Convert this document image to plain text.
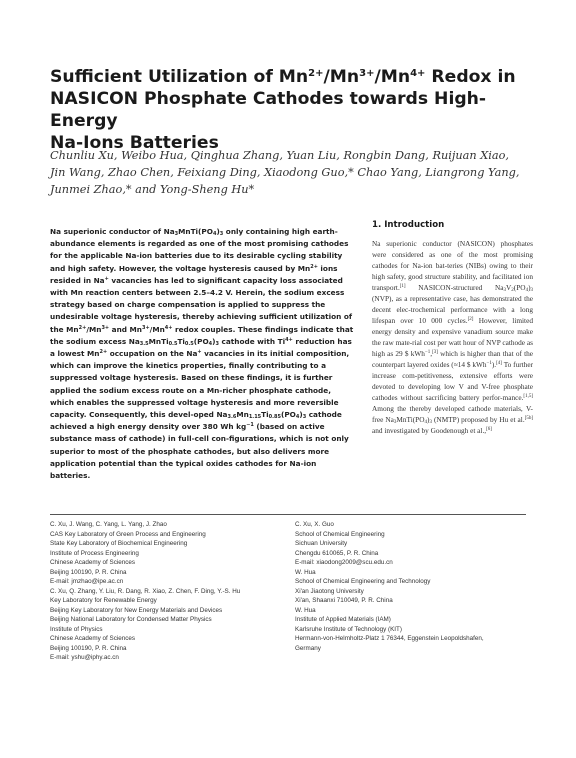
Sufficient Utilization of $Mn^{2+}/Mn^{3+}/Mn^{4+}$ Redox in
NASICON Phosphate Cathodes towards High-Energy
Na-Ions Batteries
Chunliu Xu, Weibo Hua, Qinghua Zhang, Yuan Liu, Rongbin Dang, Ruijuan Xiao,
Jin Wang, Zhao Chen, Feixiang Ding, Xiaodong Guo,* Chao Yang, Liangrong Yang,
Junmei Zhao,* and Yong-Sheng Hu*
Na superionic conductor of $Na_3MnTi(PO_4)_3$ only containing high earth-abundance elements is regarded as one of the most promising cathodes for the applicable Na-ion batteries due to its desirable cycling stability and high safety. However, the voltage hysteresis caused by $Mn^{2+}$ ions resided in Na+ vacancies has led to significant capacity loss associated with Mn reaction centers between 2.5–4.2 V. Herein, the sodium excess strategy based on charge compensation is applied to suppress the undesirable voltage hysteresis, thereby achieving sufficient utilization of the $Mn^{2+}/Mn^{3+}$ and $Mn^{3+}/Mn^{4+}$ redox couples. These findings indicate that the sodium excess $Na_{3.5}MnTi_{0.5}Ti_{0.5}(PO_4)_3$ cathode with $Ti^{4+}$ reduction has a lowest $Mn^{2+}$ occupation on the Na+ vacancies in its initial composition, which can improve the kinetics properties, finally contributing to a suppressed voltage hysteresis. Based on these findings, it is further applied the sodium excess route on a Mn-richer phosphate cathode, which enables the suppressed voltage hysteresis and more reversible capacity. Consequently, this devel-oped $Na_{3.6}Mn_{1.15}Ti_{0.85}(PO_4)_3$ cathode achieved a high energy density over 380 Wh $kg^{-1}$ (based on active substance mass of cathode) in full-cell con-figurations, which is not only superior to most of the phosphate cathodes, but also delivers more application potential than the typical oxides cathodes for Na-ion batteries.
1. Introduction
Na superionic conductor (NASICON) phosphates were considered as one of the most promising cathodes for Na-ion bat-teries (NIBs) owing to their high safety, good structure stability, and facilitated ion transport.[1] NASICON-structured $Na_3V_2(PO_4)_3$ (NVP), as a representative case, has demonstrated the decent elec-trochemical performance with a long lifespan over 10 000 cycles.[2] However, limited energy density and expensive vanadium source make the raw mate-rial cost per watt hour of NVP cathode as high as 29 $ kWh$^{-1}$,[3] which is higher than that of the counterpart layered oxides (≈14 $ kWh$^{-1}$).[4] To further increase com-petitiveness, extensive efforts were devoted to developing low V and V-free phosphate cathodes without sacrificing battery perfor-mance.[1,5] Among the thereby developed cathode materials, V-free $Na_3MnTi(PO_4)_3$ (NMTP) proposed by Hu et al.[5b] and investigated by Goodenough et al.,[6]
C. Xu, J. Wang, C. Yang, L. Yang, J. Zhao
CAS Key Laboratory of Green Process and Engineering
State Key Laboratory of Biochemical Engineering
Institute of Process Engineering
Chinese Academy of Sciences
Beijing 100190, P. R. China
E-mail: jmzhao@ipe.ac.cn
C. Xu, Q. Zhang, Y. Liu, R. Dang, R. Xiao, Z. Chen, F. Ding, Y.-S. Hu
Key Laboratory for Renewable Energy
Beijing Key Laboratory for New Energy Materials and Devices
Beijing National Laboratory for Condensed Matter Physics
Institute of Physics
Chinese Academy of Sciences
Beijing 100190, P. R. China
E-mail: yshu@iphy.ac.cn
C. Xu, X. Guo
School of Chemical Engineering
Sichuan University
Chengdu 610065, P. R. China
E-mail: xiaodong2009@scu.edu.cn
W. Hua
School of Chemical Engineering and Technology
Xi'an Jiaotong University
Xi'an, Shaanxi 710049, P. R. China
W. Hua
Institute of Applied Materials (IAM)
Karlsruhe Institute of Technology (KIT)
Hermann-von-Helmholtz-Platz 1 76344, Eggenstein Leopoldshafen,
Germany
